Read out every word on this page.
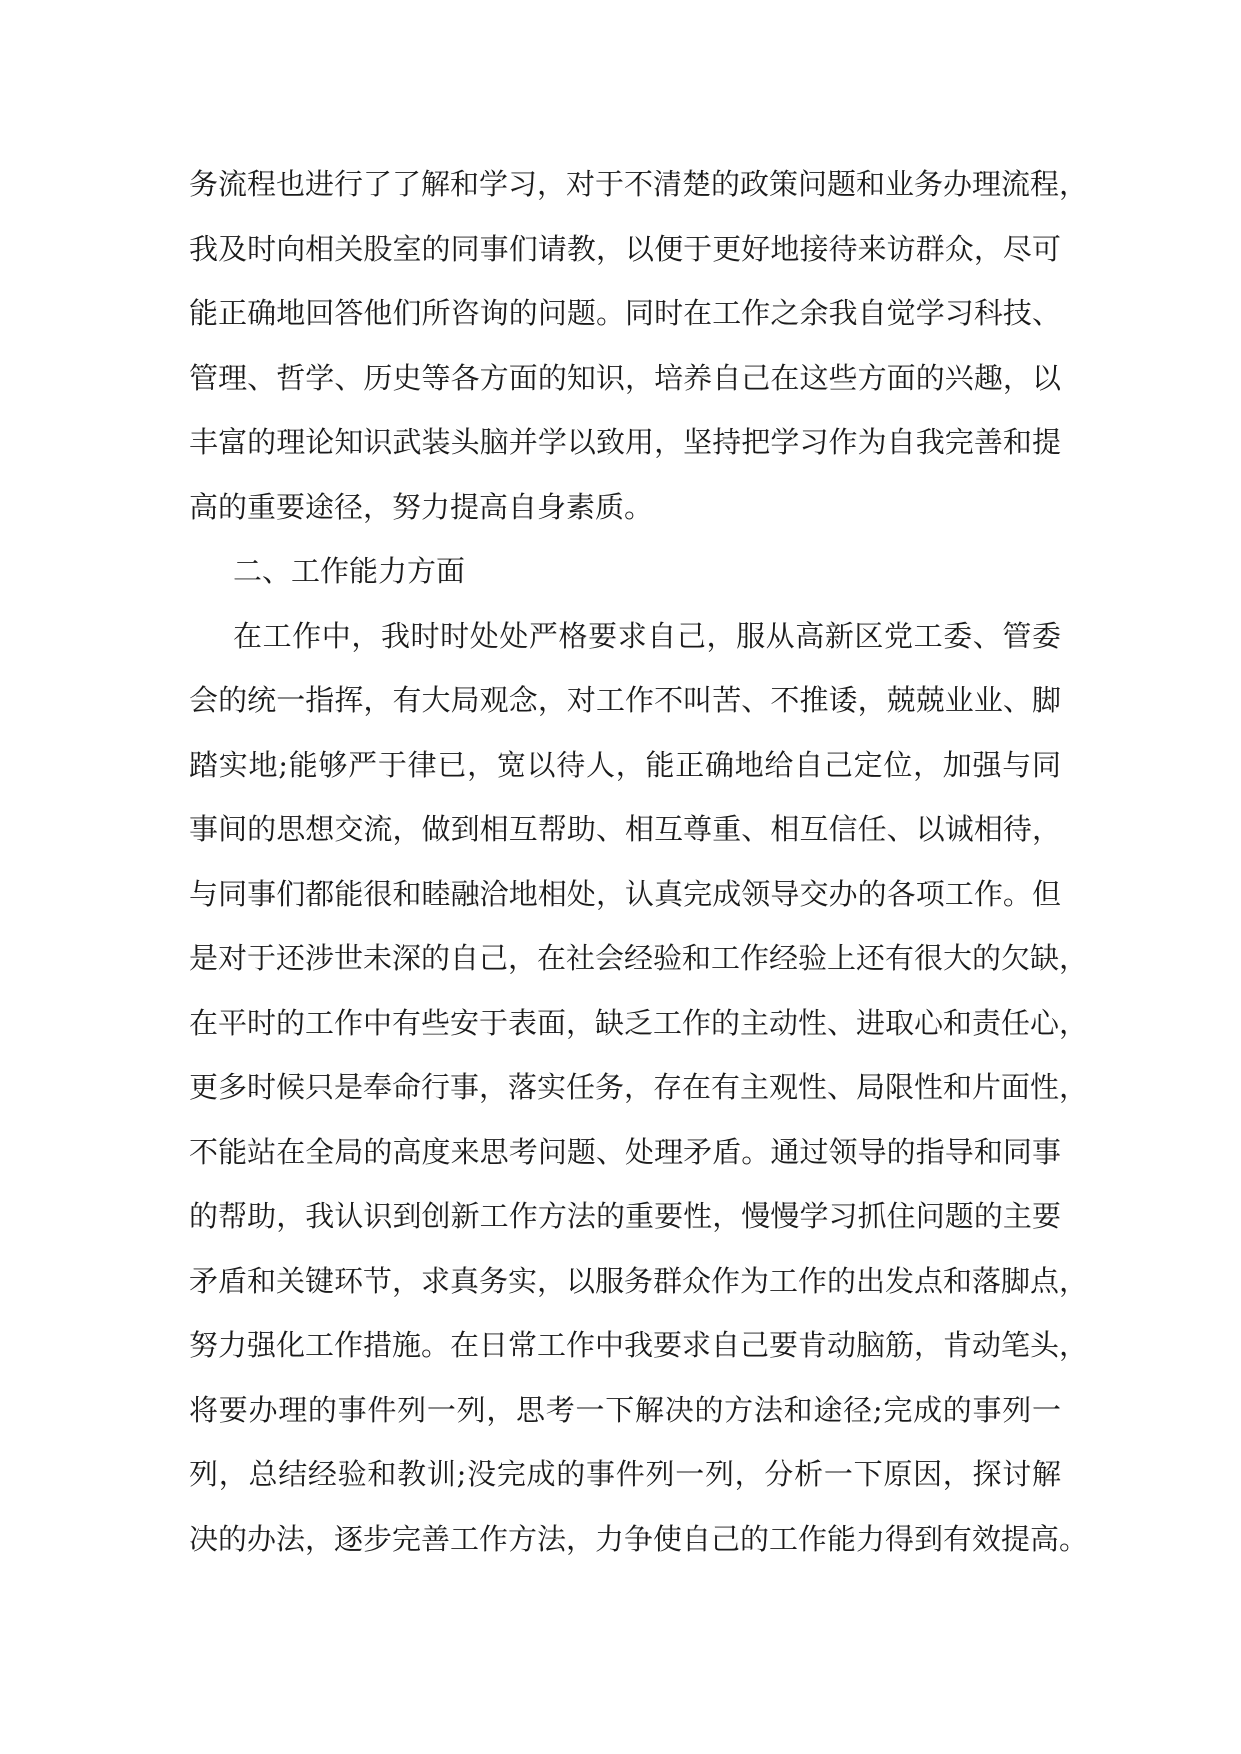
务流程也进行了了解和学习，对于不清楚的政策问题和业务办理流程，
我及时向相关股室的同事们请教，以便于更好地接待来访群众，尽可
能正确地回答他们所咨询的问题。同时在工作之余我自觉学习科技、
管理、哲学、历史等各方面的知识，培养自己在这些方面的兴趣，以
丰富的理论知识武装头脑并学以致用，坚持把学习作为自我完善和提
高的重要途径，努力提高自身素质。
二、工作能力方面
在工作中，我时时处处严格要求自己，服从高新区党工委、管委
会的统一指挥，有大局观念，对工作不叫苦、不推诿，兢兢业业、脚
踏实地;能够严于律已，宽以待人，能正确地给自己定位，加强与同
事间的思想交流，做到相互帮助、相互尊重、相互信任、以诚相待，
与同事们都能很和睦融洽地相处，认真完成领导交办的各项工作。但
是对于还涉世未深的自己，在社会经验和工作经验上还有很大的欠缺，
在平时的工作中有些安于表面，缺乏工作的主动性、进取心和责任心，
更多时候只是奉命行事，落实任务，存在有主观性、局限性和片面性，
不能站在全局的高度来思考问题、处理矛盾。通过领导的指导和同事
的帮助，我认识到创新工作方法的重要性，慢慢学习抓住问题的主要
矛盾和关键环节，求真务实，以服务群众作为工作的出发点和落脚点，
努力强化工作措施。在日常工作中我要求自己要肯动脑筋，肯动笔头，
将要办理的事件列一列，思考一下解决的方法和途径;完成的事列一
列，总结经验和教训;没完成的事件列一列，分析一下原因，探讨解
决的办法，逐步完善工作方法，力争使自己的工作能力得到有效提高。
